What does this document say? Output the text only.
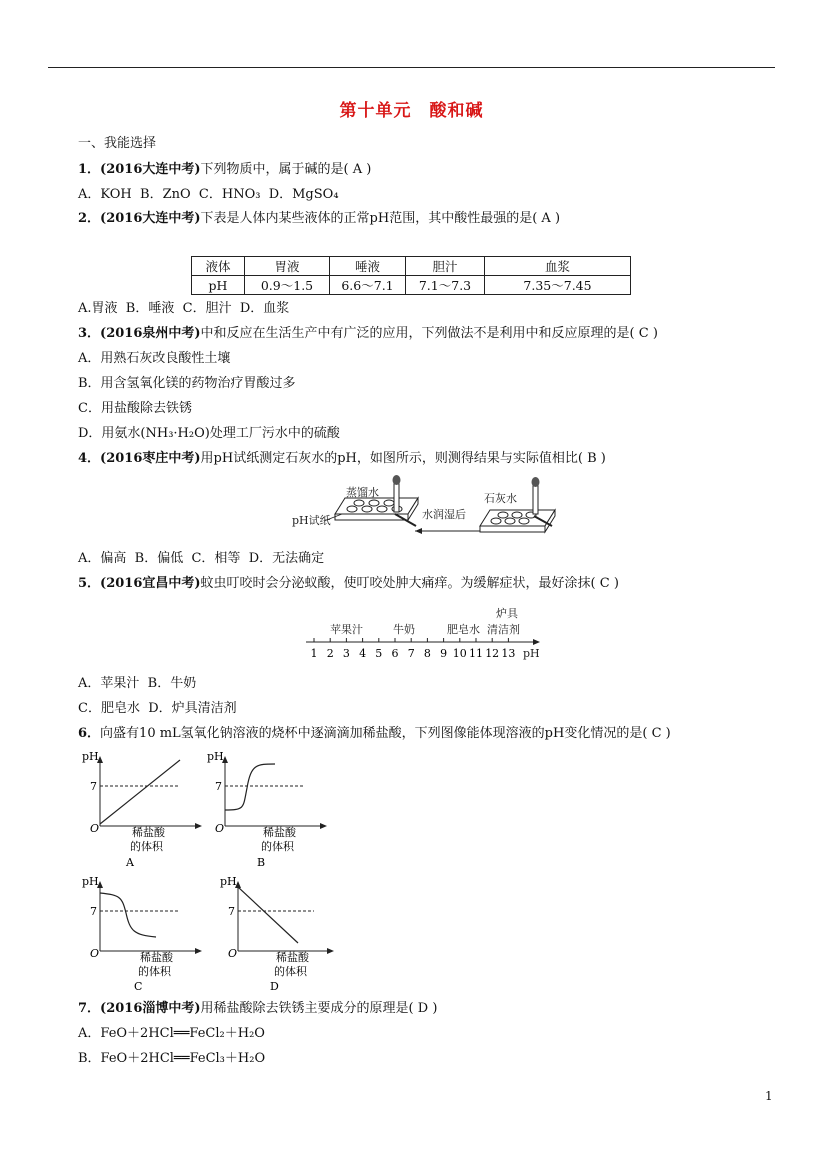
第十单元　酸和碱
一、我能选择
1．(2016大连中考)下列物质中，属于碱的是( A )
A．KOH B．ZnO C．HNO₃ D．MgSO₄
2．(2016大连中考)下表是人体内某些液体的正常pH范围，其中酸性最强的是( A )
液体	胃液	唾液	胆汁	血浆
pH	0.9～1.5	6.6～7.1	7.1～7.3	7.35～7.45
A.胃液 B．唾液 C．胆汁 D．血浆
3．(2016泉州中考)中和反应在生活生产中有广泛的应用，下列做法不是利用中和反应原理的是( C )
A．用熟石灰改良酸性土壤
B．用含氢氧化镁的药物治疗胃酸过多
C．用盐酸除去铁锈
D．用氨水(NH₃·H₂O)处理工厂污水中的硫酸
4．(2016枣庄中考)用pH试纸测定石灰水的pH，如图所示，则测得结果与实际值相比( B )
蒸馏水
pH试纸	水润湿后
石灰水
A．偏高 B．偏低 C．相等 D．无法确定
5．(2016宜昌中考)蚊虫叮咬时会分泌蚁酸，使叮咬处肿大痛痒。为缓解症状，最好涂抹( C )
苹果汁	牛奶	肥皂水 清洁剂
炉具
1 2 3 4 5 6 7 8 9 10 11 12 13 pH
A．苹果汁 B．牛奶
C．肥皂水 D．炉具清洁剂
6．向盛有10 mL氢氧化钠溶液的烧杯中逐滴滴加稀盐酸，下列图像能体现溶液的pH变化情况的是( C )
pH
7
O	稀盐酸
的体积
A
pH
7
O	稀盐酸
的体积
B
pH
7
O	稀盐酸
的体积
C
pH
7
O	稀盐酸
的体积
D
7．(2016淄博中考)用稀盐酸除去铁锈主要成分的原理是( D )
A．FeO＋2HCl══FeCl₂＋H₂O
B．FeO＋2HCl══FeCl₃＋H₂O
1
